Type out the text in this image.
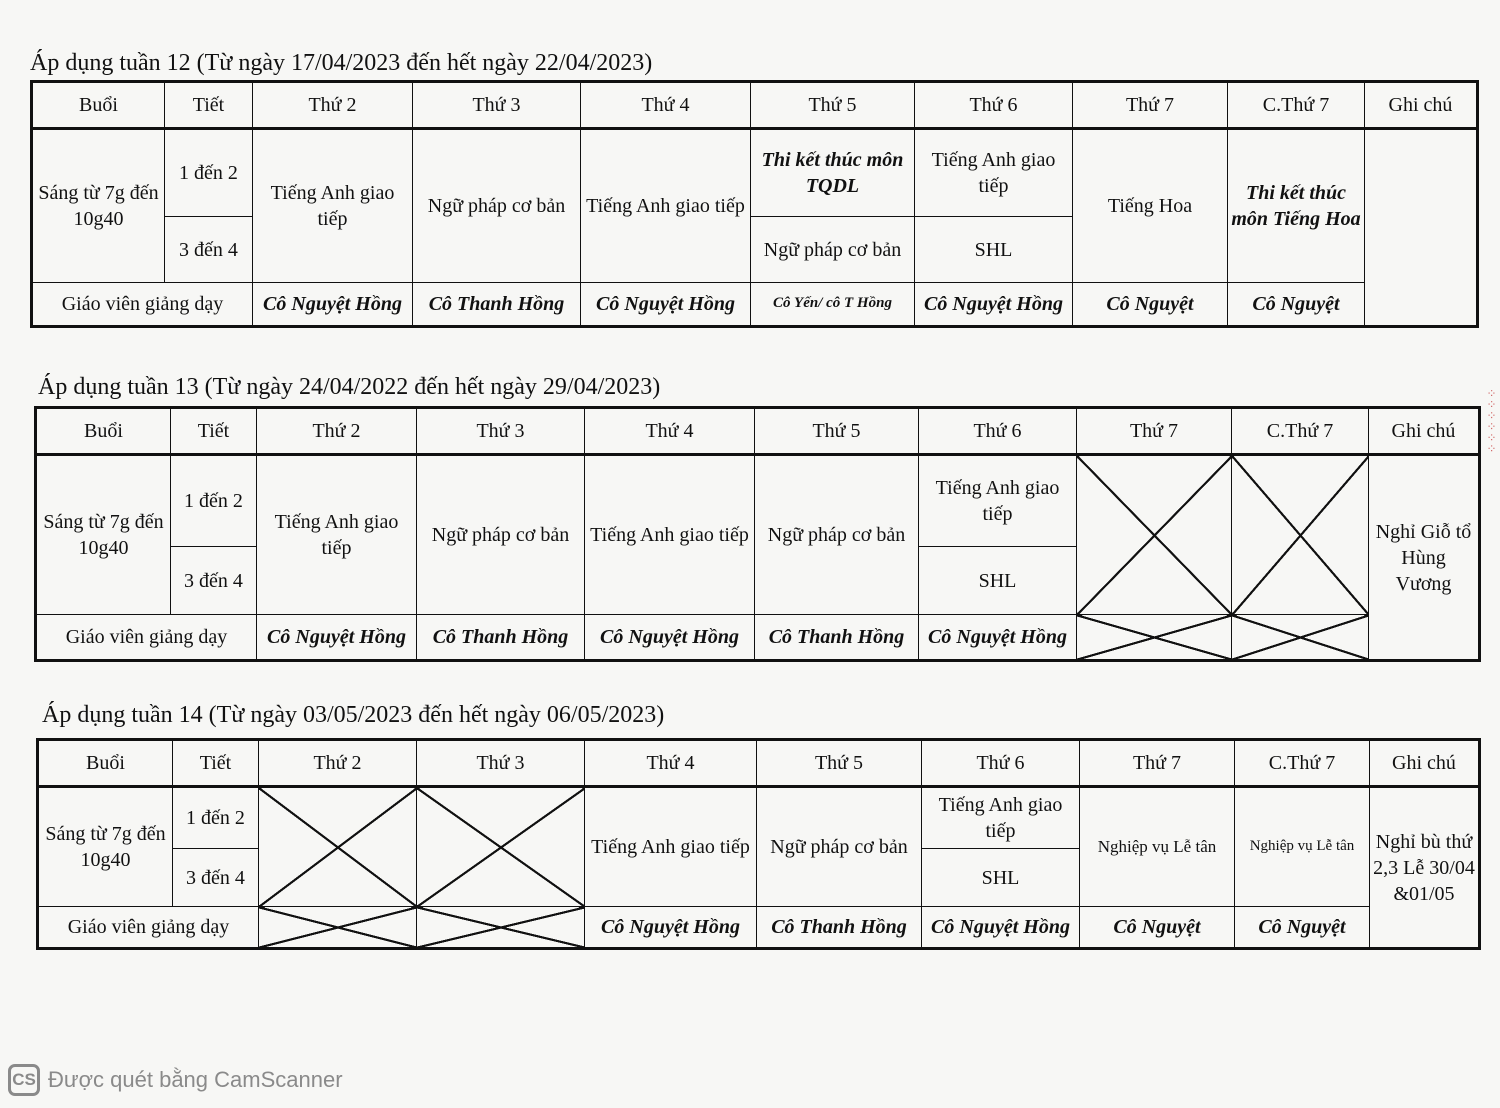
Áp dụng tuần 12 (Từ ngày 17/04/2023 đến hết ngày 22/04/2023)
Buổi	Tiết	Thứ 2	Thứ 3	Thứ 4	Thứ 5	Thứ 6	Thứ 7	C.Thứ 7	Ghi chú
Sáng từ 7g đến 10g40	1 đến 2	Tiếng Anh giao tiếp	Ngữ pháp cơ bản	Tiếng Anh giao tiếp	Thi kết thúc môn TQDL	Tiếng Anh giao tiếp	Tiếng Hoa	Thi kết thúc môn Tiếng Hoa	
	3 đến 4				Ngữ pháp cơ bản	SHL			
Giáo viên giảng dạy		Cô Nguyệt Hồng	Cô Thanh Hồng	Cô Nguyệt Hồng	Cô Yến/ cô T Hồng	Cô Nguyệt Hồng	Cô Nguyệt	Cô Nguyệt	
Áp dụng tuần 13 (Từ ngày 24/04/2022 đến hết ngày 29/04/2023)
Buổi	Tiết	Thứ 2	Thứ 3	Thứ 4	Thứ 5	Thứ 6	Thứ 7	C.Thứ 7	Ghi chú
Sáng từ 7g đến 10g40	1 đến 2	Tiếng Anh giao tiếp	Ngữ pháp cơ bản	Tiếng Anh giao tiếp	Ngữ pháp cơ bản	Tiếng Anh giao tiếp			Nghỉ Giỗ tổ Hùng Vương
	3 đến 4					SHL			
Giáo viên giảng dạy		Cô Nguyệt Hồng	Cô Thanh Hồng	Cô Nguyệt Hồng	Cô Thanh Hồng	Cô Nguyệt Hồng			
Áp dụng tuần 14 (Từ ngày 03/05/2023 đến hết ngày 06/05/2023)
Buổi	Tiết	Thứ 2	Thứ 3	Thứ 4	Thứ 5	Thứ 6	Thứ 7	C.Thứ 7	Ghi chú
Sáng từ 7g đến 10g40	1 đến 2			Tiếng Anh giao tiếp	Ngữ pháp cơ bản	Tiếng Anh giao tiếp	Nghiệp vụ Lễ tân	Nghiệp vụ Lễ tân	Nghỉ bù thứ 2,3 Lễ 30/04 &01/05
	3 đến 4					SHL			
Giáo viên giảng dạy				Cô Nguyệt Hồng	Cô Thanh Hồng	Cô Nguyệt Hồng	Cô Nguyệt	Cô Nguyệt	
⁘⁘⁘⁘⁘⁘
CS Được quét bằng CamScanner
